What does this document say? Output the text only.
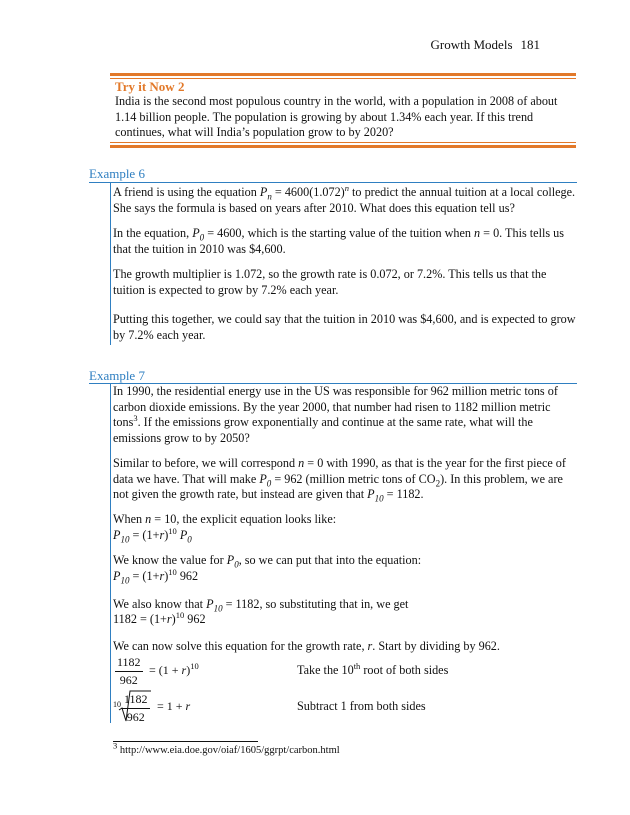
Growth Models 181
Try it Now 2
India is the second most populous country in the world, with a population in 2008 of about 1.14 billion people. The population is growing by about 1.34% each year. If this trend continues, what will India’s population grow to by 2020?
Example 6

A friend is using the equation $P_n = 4600(1.072)^n$ to predict the annual tuition at a local college. She says the formula is based on years after 2010. What does this equation tell us?

In the equation, $P_0 = 4600$, which is the starting value of the tuition when n = 0. This tells us that the tuition in 2010 was $4,600.

The growth multiplier is 1.072, so the growth rate is 0.072, or 7.2%. This tells us that the tuition is expected to grow by 7.2% each year.

Putting this together, we could say that the tuition in 2010 was $4,600, and is expected to grow by 7.2% each year.

Example 7

In 1990, the residential energy use in the US was responsible for 962 million metric tons of carbon dioxide emissions. By the year 2000, that number had risen to 1182 million metric tons$^3$. If the emissions grow exponentially and continue at the same rate, what will the emissions grow to by 2050?

Similar to before, we will correspond n = 0 with 1990, as that is the year for the first piece of data we have. That will make $P_0 = 962$ (million metric tons of $CO_2$). In this problem, we are not given the growth rate, but instead are given that $P_{10} = 1182$.

When n = 10, the explicit equation looks like:

$P_{10} = (1+r)^{10}$ $P_0$

We know the value for $P_0$, so we can put that into the equation:

$P_{10} = (1+r)^{10}$ 962

We also know that $P_{10} = 1182$, so substituting that in, we get

$1182 = (1+r)^{10}$ 962

We can now solve this equation for the growth rate, r. Start by dividing by 962.

1182
962
= $(1 + r)^{10}$	Take the 10th root of both sides
10 1182
962
= 1 + r	Subtract 1 from both sides
$^3$ http://www.eia.doe.gov/oiaf/1605/ggrpt/carbon.html
